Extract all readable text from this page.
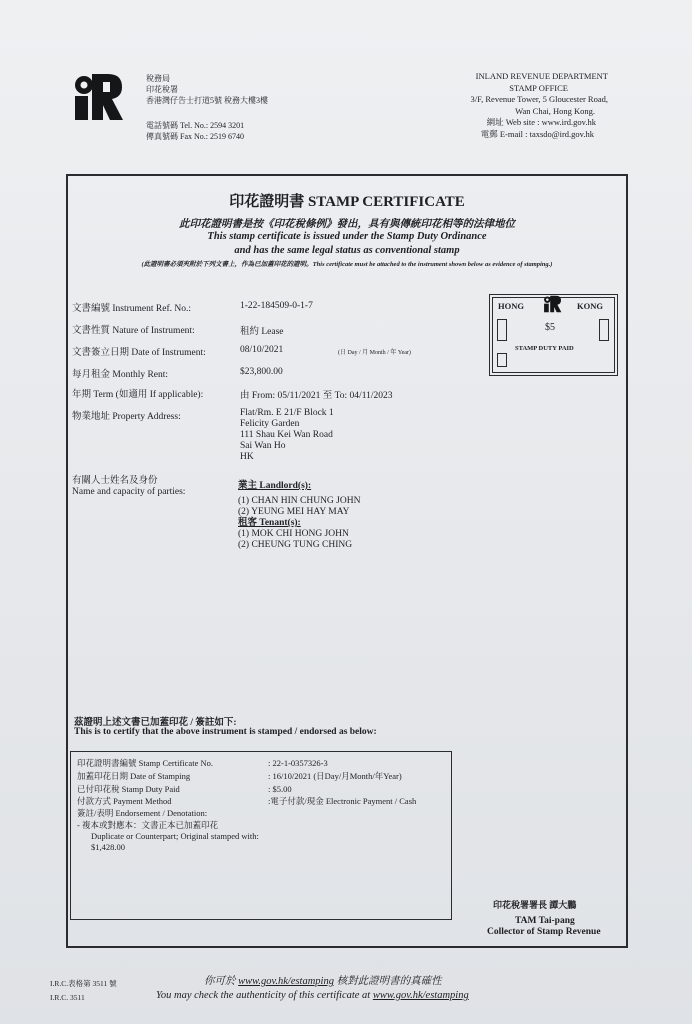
稅務局
印花稅署
香港灣仔告士打道5號 稅務大樓3樓
電話號碼 Tel. No.: 2594 3201
傳真號碼 Fax No.: 2519 6740
INLAND REVENUE DEPARTMENT
STAMP OFFICE
3/F, Revenue Tower, 5 Gloucester Road,
Wan Chai, Hong Kong.
網址 Web site : www.ird.gov.hk
電郵 E-mail : taxsdo@ird.gov.hk
印花證明書 STAMP CERTIFICATE
此印花證明書是按《印花稅條例》發出，具有與傳統印花相等的法律地位
This stamp certificate is issued under the Stamp Duty Ordinance
and has the same legal status as conventional stamp
(此證明書必須夾附於下列文書上，作為已加蓋印花的證明。This certificate must be attached to the instrument shown below as evidence of stamping.)
文書編號 Instrument Ref. No.:	1-22-184509-0-1-7
文書性質 Nature of Instrument:	租約 Lease
文書簽立日期 Date of Instrument:	08/10/2021	(日 Day / 月 Month / 年 Year)
每月租金 Monthly Rent:	$23,800.00
年期 Term (如適用 If applicable):	由 From: 05/11/2021 至 To: 04/11/2023
物業地址 Property Address:	Flat/Rm. E 21/F Block 1
Felicity Garden
111 Shau Kei Wan Road
Sai Wan Ho
HK
有關人士姓名及身份
Name and capacity of parties:
業主 Landlord(s):
(1) CHAN HIN CHUNG JOHN
(2) YEUNG MEI HAY MAY
租客 Tenant(s):
(1) MOK CHI HONG JOHN
(2) CHEUNG TUNG CHING
HONG	KONG
$5
STAMP DUTY PAID
茲證明上述文書已加蓋印花 / 簽註如下:
This is to certify that the above instrument is stamped / endorsed as below:
印花證明書編號 Stamp Certificate No.	: 22-1-0357326-3
加蓋印花日期 Date of Stamping	: 16/10/2021 (日Day/月Month/年Year)
已付印花稅 Stamp Duty Paid	: $5.00
付款方式 Payment Method	:電子付款/現金 Electronic Payment / Cash
簽註/表明 Endorsement / Denotation:
- 複本或對應本：文書正本已加蓋印花
Duplicate or Counterpart; Original stamped with:
$1,428.00
印花稅署署長 譚大鵬
TAM Tai-pang
Collector of Stamp Revenue
I.R.C.表格第 3511 號
I.R.C. 3511
你可於 www.gov.hk/estamping 核對此證明書的真確性
You may check the authenticity of this certificate at www.gov.hk/estamping
